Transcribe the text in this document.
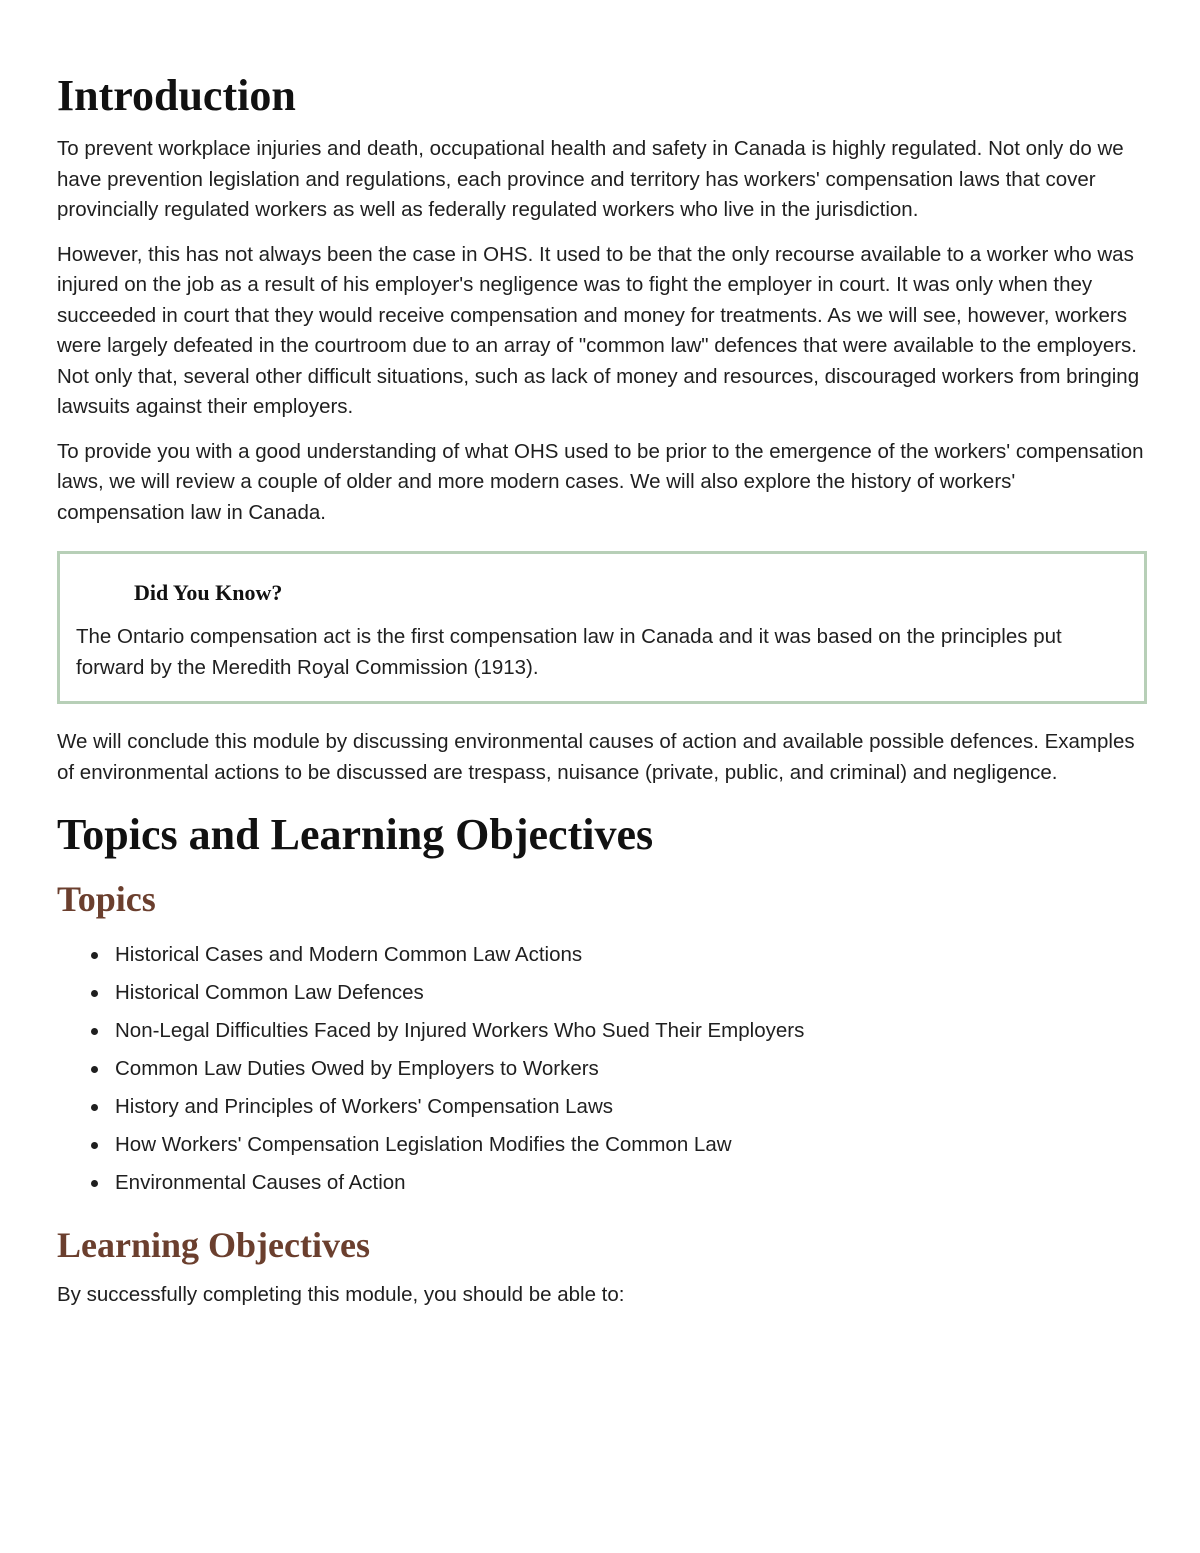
Introduction

To prevent workplace injuries and death, occupational health and safety in Canada is highly regulated. Not only do we have prevention legislation and regulations, each province and territory has workers' compensation laws that cover provincially regulated workers as well as federally regulated workers who live in the jurisdiction.

However, this has not always been the case in OHS. It used to be that the only recourse available to a worker who was injured on the job as a result of his employer's negligence was to fight the employer in court. It was only when they succeeded in court that they would receive compensation and money for treatments. As we will see, however, workers were largely defeated in the courtroom due to an array of "common law" defences that were available to the employers. Not only that, several other difficult situations, such as lack of money and resources, discouraged workers from bringing lawsuits against their employers.

To provide you with a good understanding of what OHS used to be prior to the emergence of the workers' compensation laws, we will review a couple of older and more modern cases. We will also explore the history of workers' compensation law in Canada.

Did You Know?

The Ontario compensation act is the first compensation law in Canada and it was based on the principles put forward by the Meredith Royal Commission (1913).

We will conclude this module by discussing environmental causes of action and available possible defences. Examples of environmental actions to be discussed are trespass, nuisance (private, public, and criminal) and negligence.

Topics and Learning Objectives
Topics
Historical Cases and Modern Common Law Actions
Historical Common Law Defences
Non-Legal Difficulties Faced by Injured Workers Who Sued Their Employers
Common Law Duties Owed by Employers to Workers
History and Principles of Workers' Compensation Laws
How Workers' Compensation Legislation Modifies the Common Law
Environmental Causes of Action
Learning Objectives

By successfully completing this module, you should be able to:
